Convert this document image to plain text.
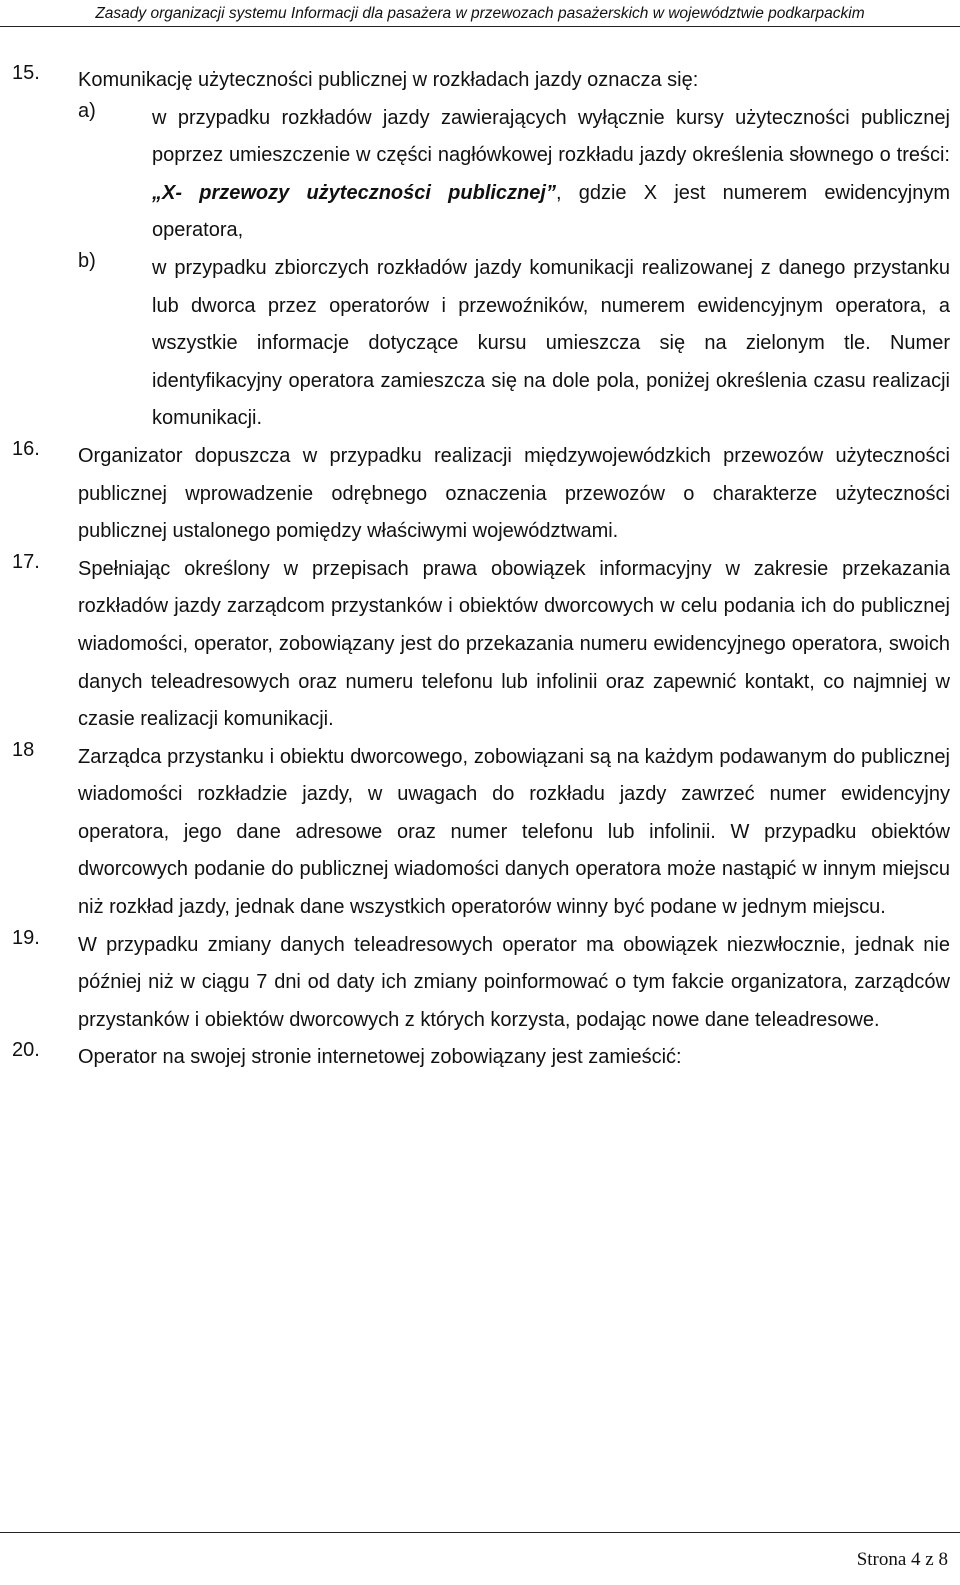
Zasady organizacji systemu Informacji dla pasażera w przewozach pasażerskich w województwie podkarpackim
15. Komunikację użyteczności publicznej w rozkładach jazdy oznacza się:
a)	w przypadku rozkładów jazdy zawierających wyłącznie kursy użyteczności publicznej poprzez umieszczenie w części nagłówkowej rozkładu jazdy określenia słownego o treści: „X- przewozy użyteczności publicznej”, gdzie X jest numerem ewidencyjnym operatora,
b)	w przypadku zbiorczych rozkładów jazdy komunikacji realizowanej z danego przystanku lub dworca przez operatorów i przewoźników, numerem ewidencyjnym operatora, a wszystkie informacje dotyczące kursu umieszcza się na zielonym tle. Numer identyfikacyjny operatora zamieszcza się na dole pola, poniżej określenia czasu realizacji komunikacji.
16. Organizator dopuszcza w przypadku realizacji międzywojewódzkich przewozów użyteczności publicznej wprowadzenie odrębnego oznaczenia przewozów o charakterze użyteczności publicznej ustalonego pomiędzy właściwymi województwami.
17. Spełniając określony w przepisach prawa obowiązek informacyjny w zakresie przekazania rozkładów jazdy zarządcom przystanków i obiektów dworcowych w celu podania ich do publicznej wiadomości, operator, zobowiązany jest do przekazania numeru ewidencyjnego operatora, swoich danych teleadresowych oraz numeru telefonu lub infolinii oraz zapewnić kontakt, co najmniej w czasie realizacji komunikacji.
18 Zarządca przystanku i obiektu dworcowego, zobowiązani są na każdym podawanym do publicznej wiadomości rozkładzie jazdy, w uwagach do rozkładu jazdy zawrzeć numer ewidencyjny operatora, jego dane adresowe oraz numer telefonu lub infolinii. W przypadku obiektów dworcowych podanie do publicznej wiadomości danych operatora może nastąpić w innym miejscu niż rozkład jazdy, jednak dane wszystkich operatorów winny być podane w jednym miejscu.
19. W przypadku zmiany danych teleadresowych operator ma obowiązek niezwłocznie, jednak nie później niż w ciągu 7 dni od daty ich zmiany poinformować o tym fakcie organizatora, zarządców przystanków i obiektów dworcowych z których korzysta, podając nowe dane teleadresowe.
20. Operator na swojej stronie internetowej zobowiązany jest zamieścić:
Strona 4 z 8
